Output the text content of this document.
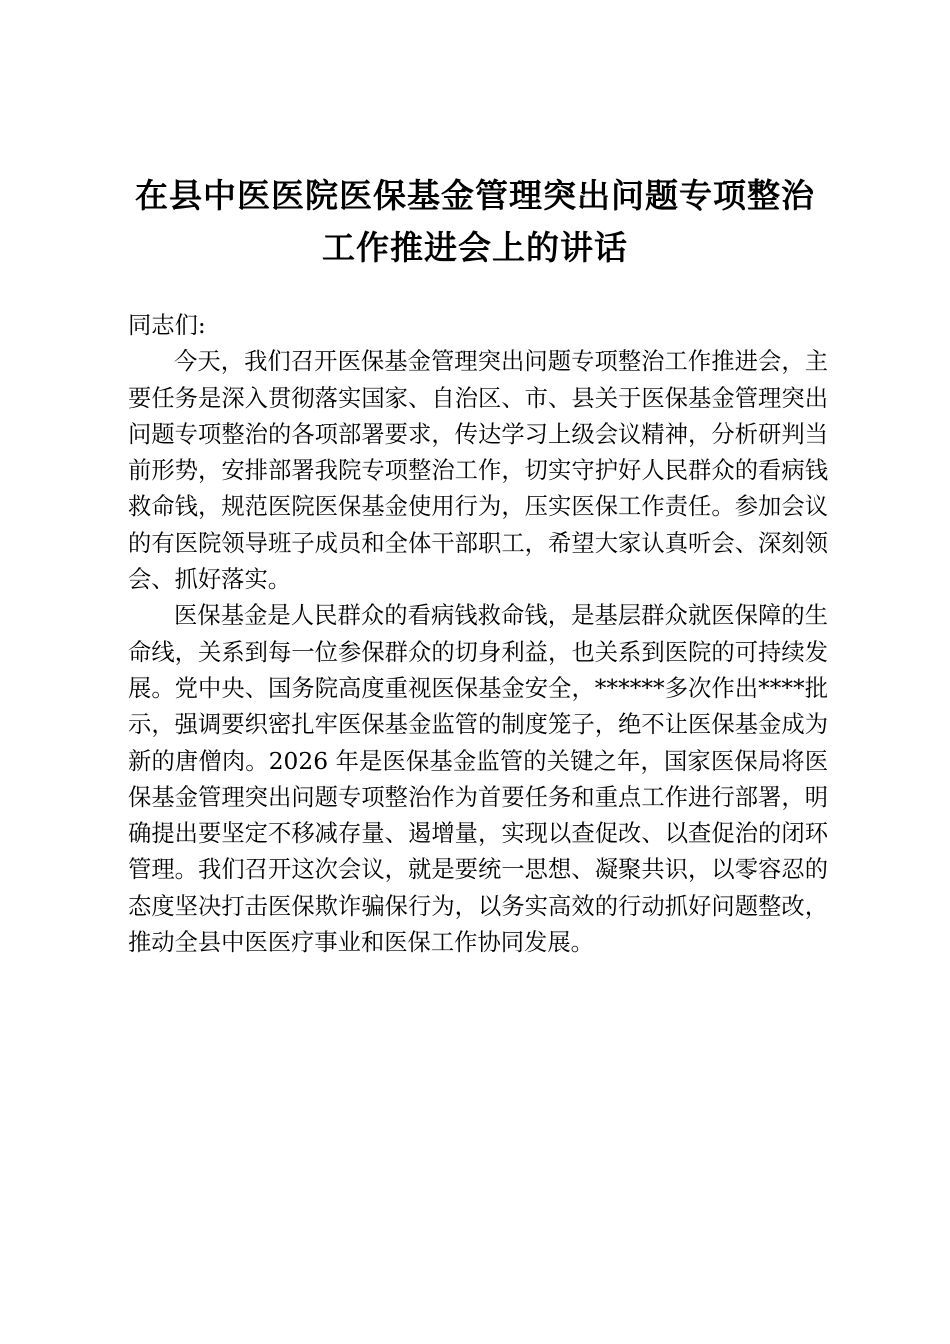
在县中医医院医保基金管理突出问题专项整治
工作推进会上的讲话

同志们:

今天，我们召开医保基金管理突出问题专项整治工作推进会，主要任务是深入贯彻落实国家、自治区、市、县关于医保基金管理突出问题专项整治的各项部署要求，传达学习上级会议精神，分析研判当前形势，安排部署我院专项整治工作，切实守护好人民群众的看病钱救命钱，规范医院医保基金使用行为，压实医保工作责任。参加会议的有医院领导班子成员和全体干部职工，希望大家认真听会、深刻领会、抓好落实。

医保基金是人民群众的看病钱救命钱，是基层群众就医保障的生命线，关系到每一位参保群众的切身利益，也关系到医院的可持续发展。党中央、国务院高度重视医保基金安全，******多次作出****批示，强调要织密扎牢医保基金监管的制度笼子，绝不让医保基金成为新的唐僧肉。2026 年是医保基金监管的关键之年，国家医保局将医保基金管理突出问题专项整治作为首要任务和重点工作进行部署，明确提出要坚定不移减存量、遏增量，实现以查促改、以查促治的闭环管理。我们召开这次会议，就是要统一思想、凝聚共识，以零容忍的态度坚决打击医保欺诈骗保行为，以务实高效的行动抓好问题整改，推动全县中医医疗事业和医保工作协同发展。
